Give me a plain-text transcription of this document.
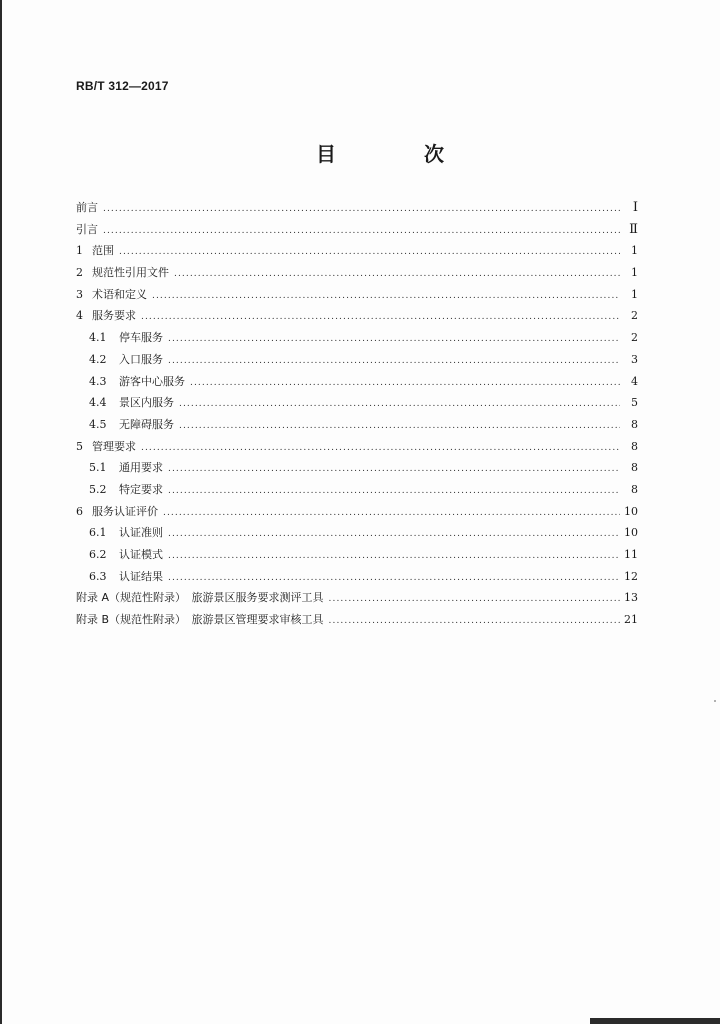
RB/T 312—2017
目　次
前言 .....	Ⅰ
引言 .....	Ⅱ
1 范围 .....	1
2 规范性引用文件 .....	1
3 术语和定义 .....	1
4 服务要求 .....	2
4.1	停车服务 .....	2
4.2	入口服务 .....	3
4.3	游客中心服务 .....	4
4.4	景区内服务 .....	5
4.5	无障碍服务 .....	8
5 管理要求 .....	8
5.1	通用要求 .....	8
5.2	特定要求 .....	8
6 服务认证评价 .....	10
6.1	认证准则 .....	10
6.2	认证模式 .....	11
6.3	认证结果 .....	12
附录 A（规范性附录）　旅游景区服务要求测评工具 .....	13
附录 B（规范性附录）　旅游景区管理要求审核工具 .....	21
